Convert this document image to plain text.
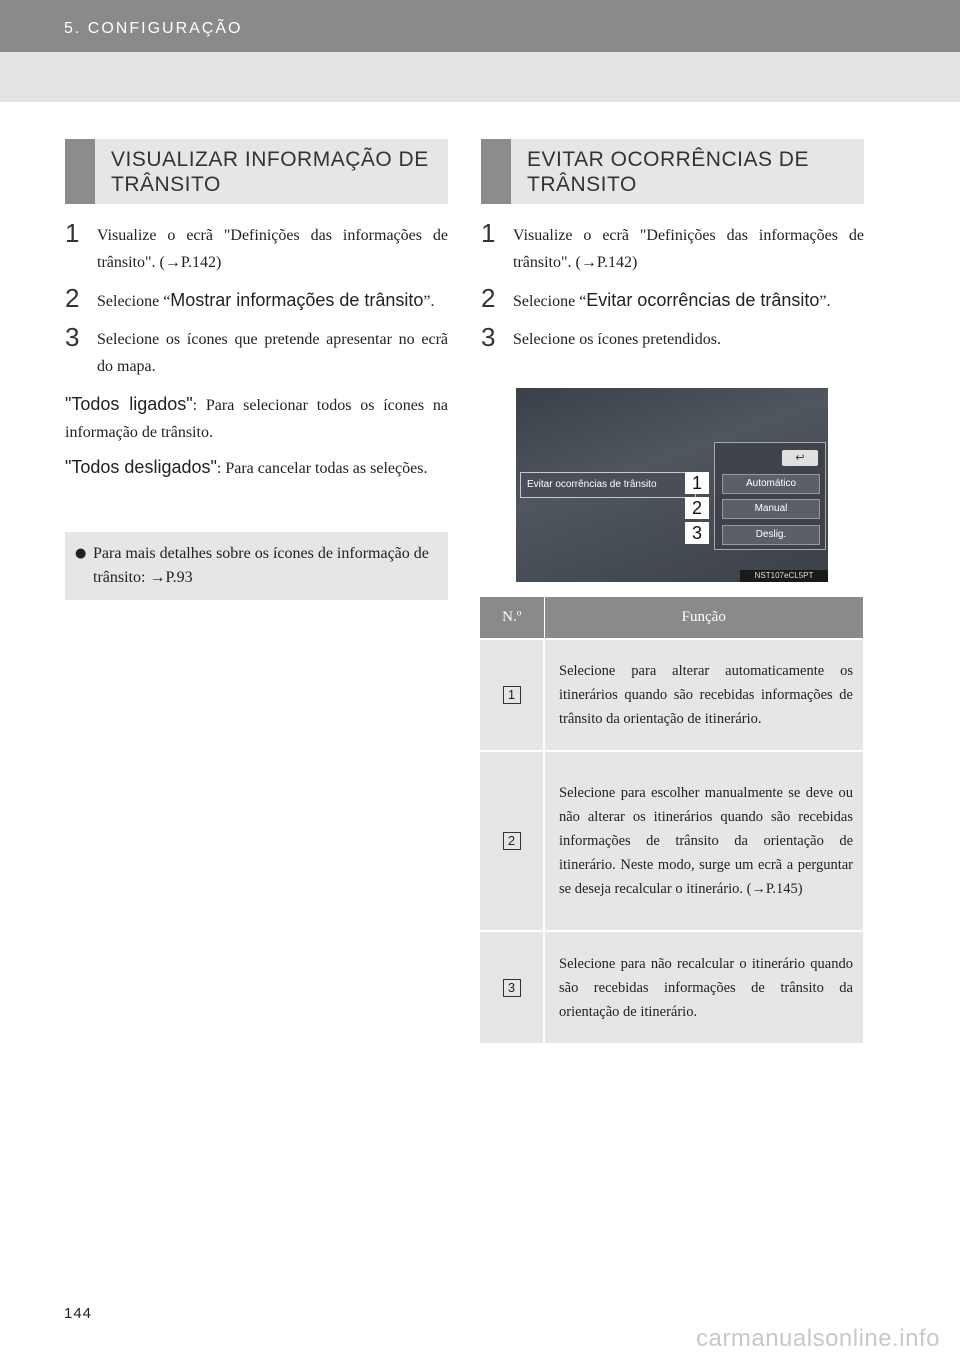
5. CONFIGURAÇÃO
VISUALIZAR INFORMAÇÃO DE TRÂNSITO
EVITAR OCORRÊNCIAS DE TRÂNSITO
1 Visualize o ecrã "Definições das informações de trânsito". (→P.142)
2 Selecione “Mostrar informações de trânsito”.
3 Selecione os ícones que pretende apresentar no ecrã do mapa.

"Todos ligados": Para selecionar todos os ícones na informação de trânsito.

"Todos desligados": Para cancelar todas as seleções.

● Para mais detalhes sobre os ícones de informação de trânsito: →P.93
1 Visualize o ecrã "Definições das informações de trânsito". (→P.142)
2 Selecione “Evitar ocorrências de trânsito”.
3 Selecione os ícones pretendidos.
Evitar ocorrências de trânsito
↩
Automático
Manual
Deslig.
1
2
3
NST107eCL5PT
N.º	Função
1	Selecione para alterar automaticamente os itinerários quando são recebidas informações de trânsito da orientação de itinerário.
2	Selecione para escolher manualmente se deve ou não alterar os itinerários quando são recebidas informações de trânsito da orientação de itinerário. Neste modo, surge um ecrã a perguntar se deseja recalcular o itinerário. (→P.145)
3	Selecione para não recalcular o itinerário quando são recebidas informações de trânsito da orientação de itinerário.
144
carmanualsonline.info
